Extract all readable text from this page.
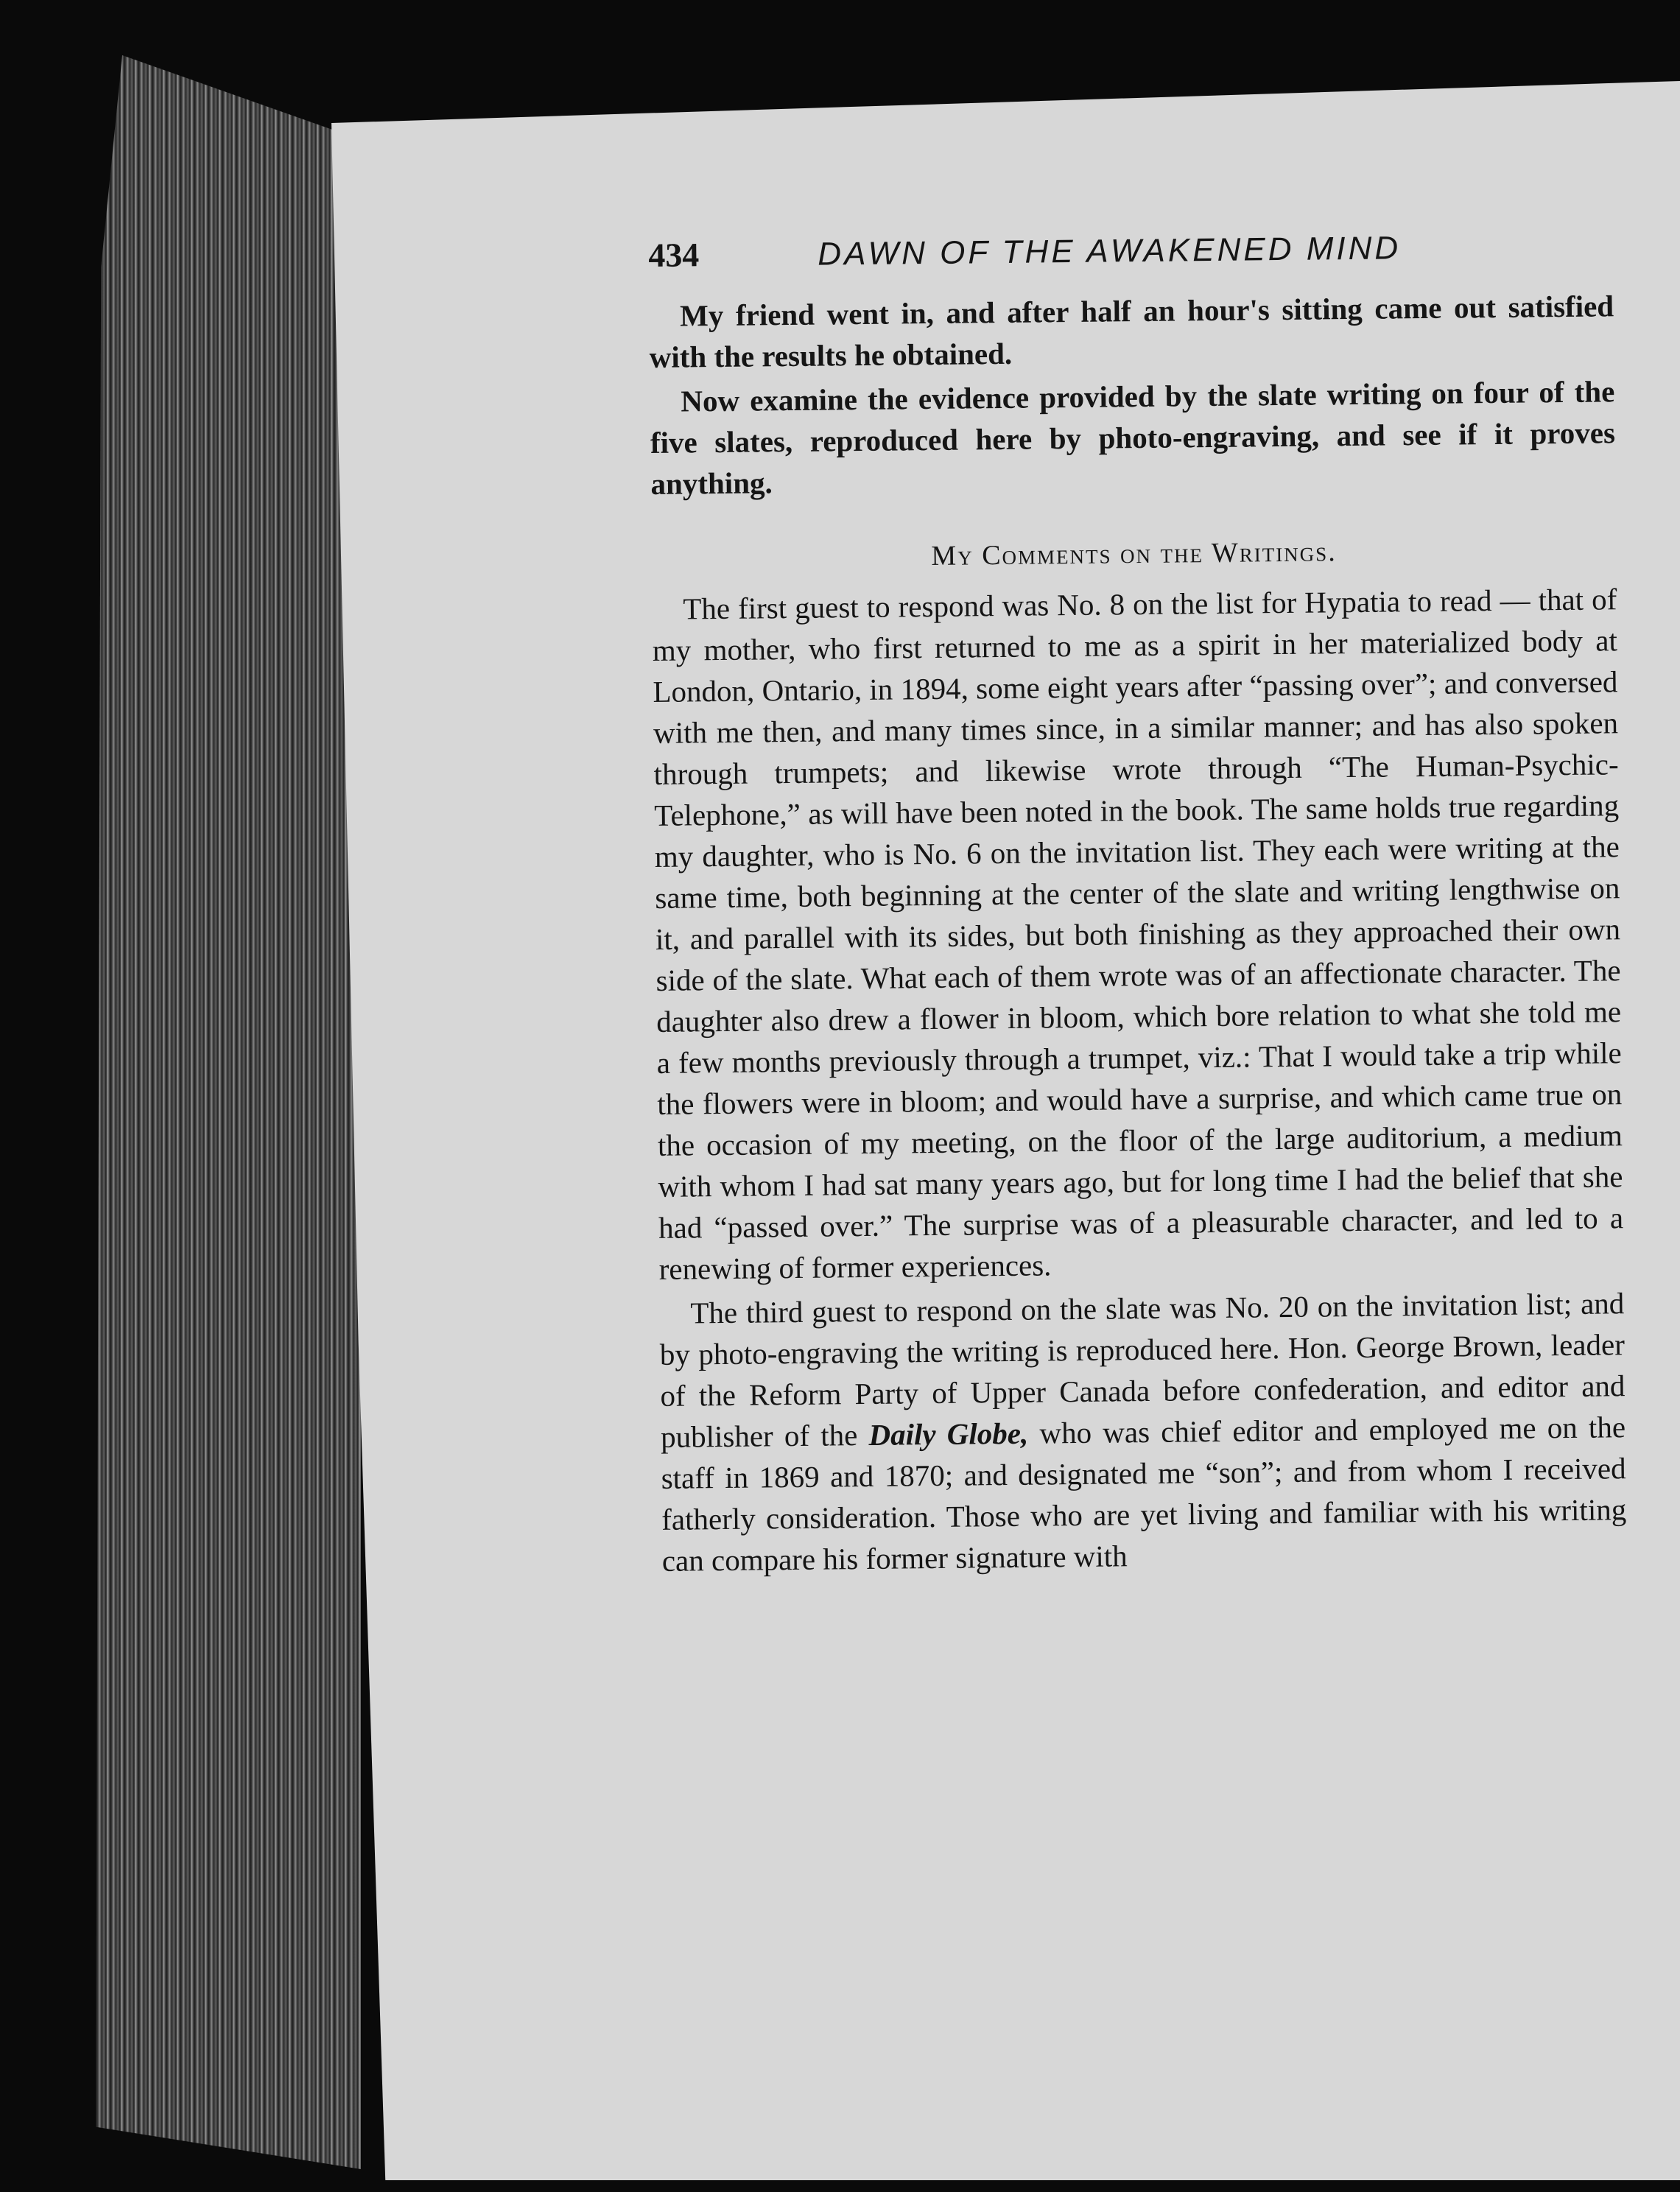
434	DAWN OF THE AWAKENED MIND

My friend went in, and after half an hour's sitting came out satisfied with the results he obtained.

Now examine the evidence provided by the slate writing on four of the five slates, reproduced here by photo-engraving, and see if it proves anything.

My Comments on the Writings.

The first guest to respond was No. 8 on the list for Hypatia to read — that of my mother, who first returned to me as a spirit in her materialized body at London, Ontario, in 1894, some eight years after “passing over”; and conversed with me then, and many times since, in a similar manner; and has also spoken through trumpets; and likewise wrote through “The Human-Psychic-Telephone,” as will have been noted in the book. The same holds true regarding my daughter, who is No. 6 on the invitation list. They each were writing at the same time, both beginning at the center of the slate and writing lengthwise on it, and parallel with its sides, but both finishing as they approached their own side of the slate. What each of them wrote was of an affectionate character. The daughter also drew a flower in bloom, which bore relation to what she told me a few months previously through a trumpet, viz.: That I would take a trip while the flowers were in bloom; and would have a surprise, and which came true on the occasion of my meeting, on the floor of the large auditorium, a medium with whom I had sat many years ago, but for long time I had the belief that she had “passed over.” The surprise was of a pleasurable character, and led to a renewing of former experiences.

The third guest to respond on the slate was No. 20 on the invitation list; and by photo-engraving the writing is reproduced here. Hon. George Brown, leader of the Reform Party of Upper Canada before confederation, and editor and publisher of the Daily Globe, who was chief editor and employed me on the staff in 1869 and 1870; and designated me “son”; and from whom I received fatherly consideration. Those who are yet living and familiar with his writing can compare his former signature with
